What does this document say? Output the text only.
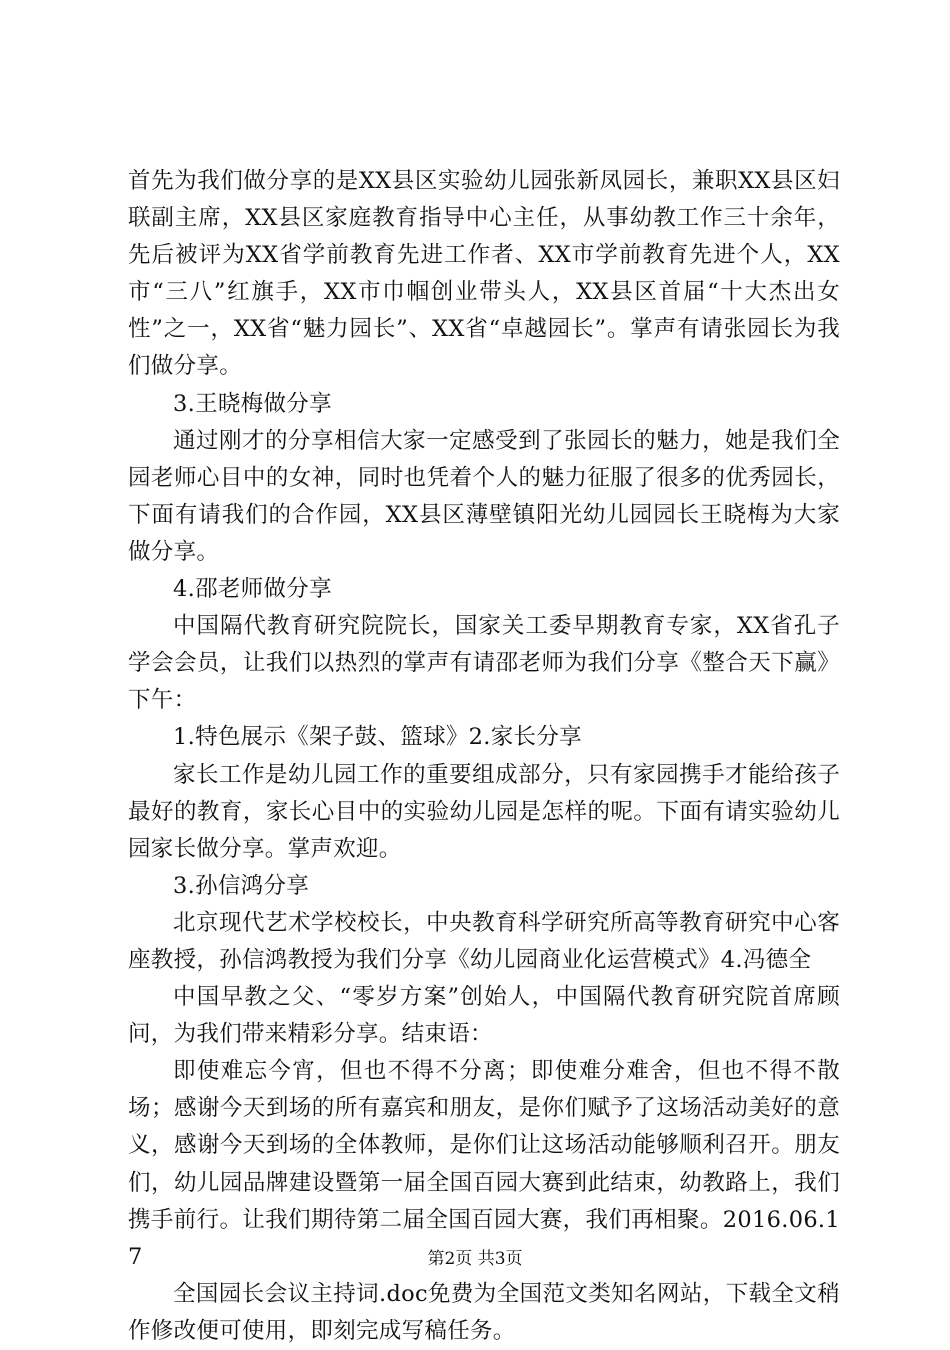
首先为我们做分享的是XX县区实验幼儿园张新凤园长，兼职XX县区妇联副主席，XX县区家庭教育指导中心主任，从事幼教工作三十余年，先后被评为XX省学前教育先进工作者、XX市学前教育先进个人，XX市“三八”红旗手，XX市巾帼创业带头人，XX县区首届“十大杰出女性”之一，XX省“魅力园长”、XX省“卓越园长”。掌声有请张园长为我们做分享。

3.王晓梅做分享

通过刚才的分享相信大家一定感受到了张园长的魅力，她是我们全园老师心目中的女神，同时也凭着个人的魅力征服了很多的优秀园长，下面有请我们的合作园，XX县区薄壁镇阳光幼儿园园长王晓梅为大家做分享。

4.邵老师做分享

中国隔代教育研究院院长，国家关工委早期教育专家，XX省孔子学会会员，让我们以热烈的掌声有请邵老师为我们分享《整合天下赢》下午：

1.特色展示《架子鼓、篮球》2.家长分享

家长工作是幼儿园工作的重要组成部分，只有家园携手才能给孩子最好的教育，家长心目中的实验幼儿园是怎样的呢。下面有请实验幼儿园家长做分享。掌声欢迎。

3.孙信鸿分享

北京现代艺术学校校长，中央教育科学研究所高等教育研究中心客座教授，孙信鸿教授为我们分享《幼儿园商业化运营模式》4.冯德全

中国早教之父、“零岁方案”创始人，中国隔代教育研究院首席顾问，为我们带来精彩分享。结束语：

即使难忘今宵，但也不得不分离；即使难分难舍，但也不得不散场；感谢今天到场的所有嘉宾和朋友，是你们赋予了这场活动美好的意义，感谢今天到场的全体教师，是你们让这场活动能够顺利召开。朋友们，幼儿园品牌建设暨第一届全国百园大赛到此结束，幼教路上，我们携手前行。让我们期待第二届全国百园大赛，我们再相聚。2016.06.17

全国园长会议主持词.doc免费为全国范文类知名网站，下载全文稍作修改便可使用，即刻完成写稿任务。

第2页 共3页
